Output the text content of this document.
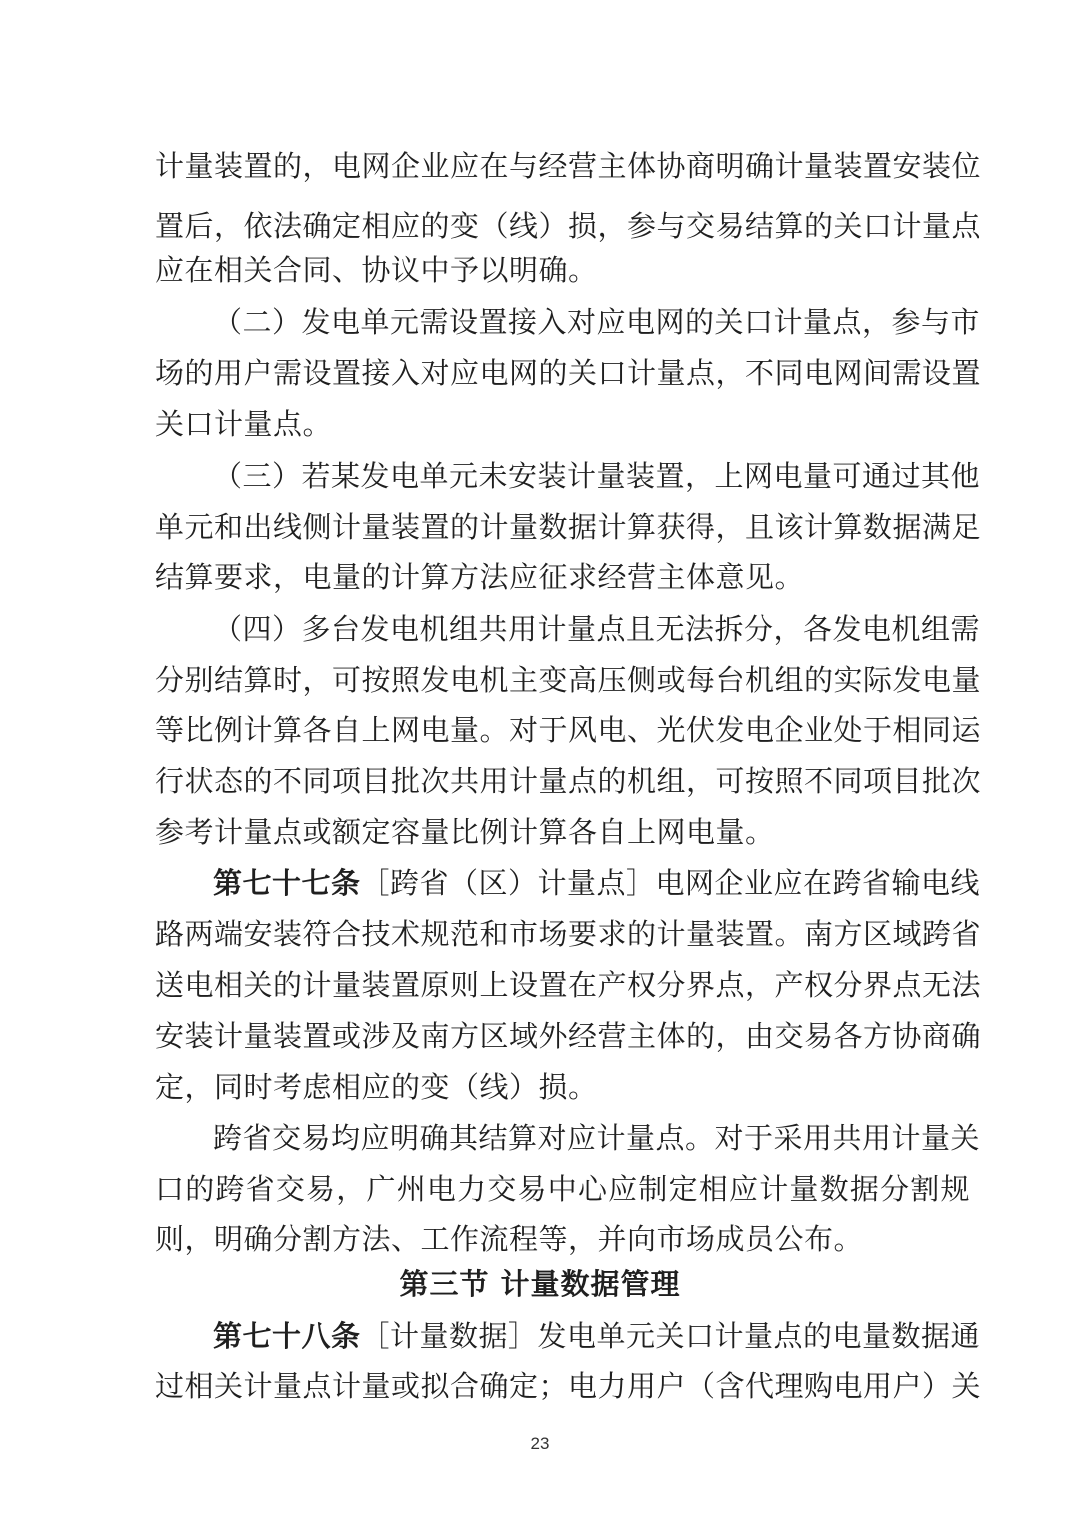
计量装置的，电网企业应在与经营主体协商明确计量装置安装位
置后，依法确定相应的变（线）损，参与交易结算的关口计量点
应在相关合同、协议中予以明确。
（二）发电单元需设置接入对应电网的关口计量点，参与市
场的用户需设置接入对应电网的关口计量点，不同电网间需设置
关口计量点。
（三）若某发电单元未安装计量装置，上网电量可通过其他
单元和出线侧计量装置的计量数据计算获得，且该计算数据满足
结算要求，电量的计算方法应征求经营主体意见。
（四）多台发电机组共用计量点且无法拆分，各发电机组需
分别结算时，可按照发电机主变高压侧或每台机组的实际发电量
等比例计算各自上网电量。对于风电、光伏发电企业处于相同运
行状态的不同项目批次共用计量点的机组，可按照不同项目批次
参考计量点或额定容量比例计算各自上网电量。
第七十七条［跨省（区）计量点］电网企业应在跨省输电线
路两端安装符合技术规范和市场要求的计量装置。南方区域跨省
送电相关的计量装置原则上设置在产权分界点，产权分界点无法
安装计量装置或涉及南方区域外经营主体的，由交易各方协商确
定，同时考虑相应的变（线）损。
跨省交易均应明确其结算对应计量点。对于采用共用计量关
口的跨省交易，广州电力交易中心应制定相应计量数据分割规
则，明确分割方法、工作流程等，并向市场成员公布。
第三节 计量数据管理
第七十八条［计量数据］发电单元关口计量点的电量数据通
过相关计量点计量或拟合确定；电力用户（含代理购电用户）关
23
